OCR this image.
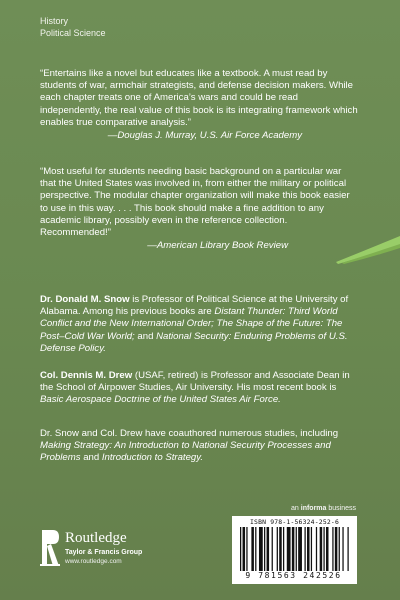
History
Political Science
“Entertains like a novel but educates like a textbook. A must read by students of war, armchair strategists, and defense decision makers. While each chapter treats one of America’s wars and could be read independently, the real value of this book is its integrating framework which enables true comparative analysis.”
—Douglas J. Murray, U.S. Air Force Academy
“Most useful for students needing basic background on a particular war that the United States was involved in, from either the military or political perspective. The modular chapter organization will make this book easier to use in this way. . . . This book should make a fine addition to any academic library, possibly even in the reference collection. Recommended!”
—American Library Book Review
Dr. Donald M. Snow is Professor of Political Science at the University of Alabama. Among his previous books are Distant Thunder: Third World Conflict and the New International Order; The Shape of the Future: The Post–Cold War World; and National Security: Enduring Problems of U.S. Defense Policy.
Col. Dennis M. Drew (USAF, retired) is Professor and Associate Dean in the School of Airpower Studies, Air University. His most recent book is Basic Aerospace Doctrine of the United States Air Force.
Dr. Snow and Col. Drew have coauthored numerous studies, including Making Strategy: An Introduction to National Security Processes and Problems and Introduction to Strategy.
an informa business
ISBN 978-1-56324-252-6
9 781563 242526
Routledge
Taylor & Francis Group
www.routledge.com
